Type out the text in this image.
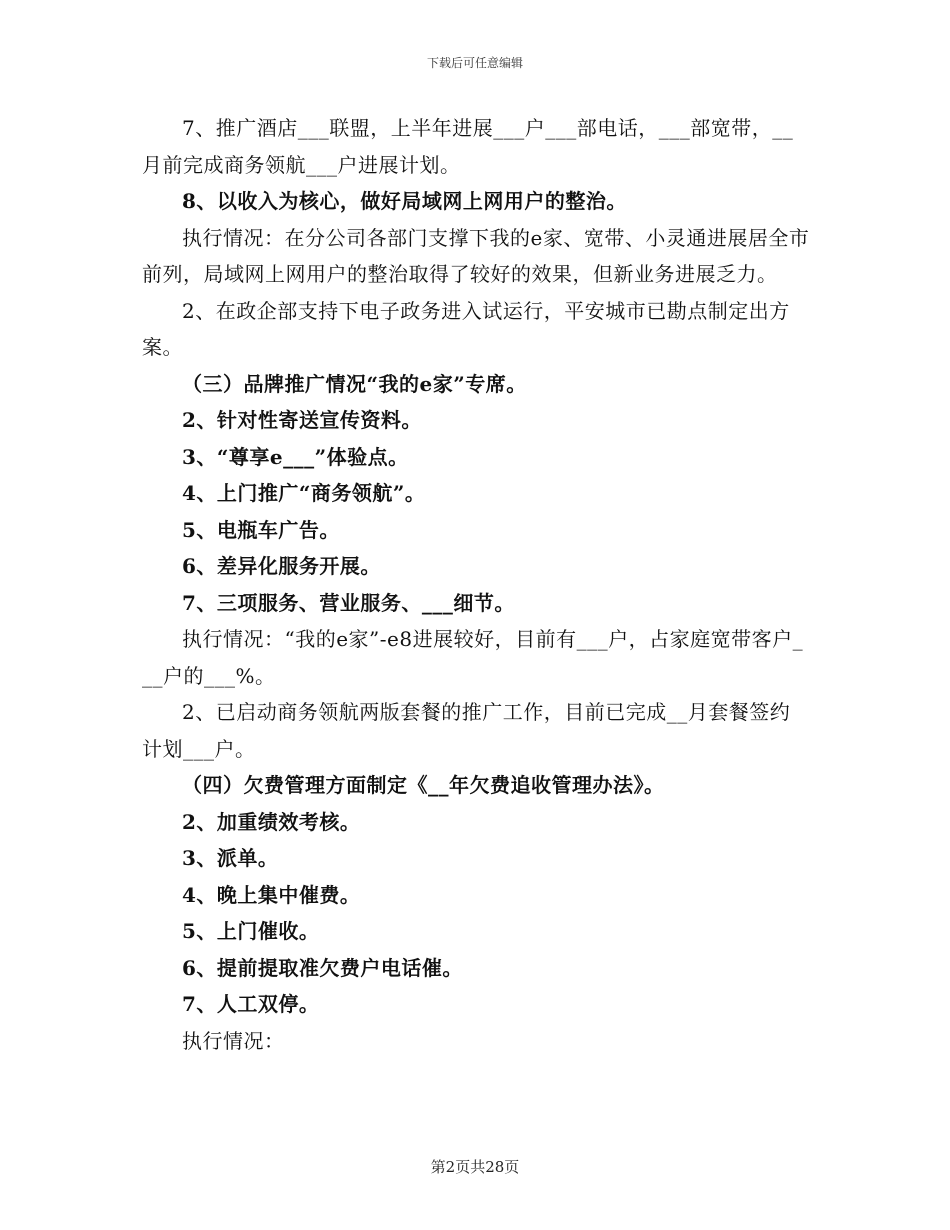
下载后可任意编辑

7、推广酒店___联盟，上半年进展___户___部电话，___部宽带，__月前完成商务领航___户进展计划。

8、以收入为核心，做好局域网上网用户的整治。

执行情况：在分公司各部门支撑下我的e家、宽带、小灵通进展居全市前列，局域网上网用户的整治取得了较好的效果，但新业务进展乏力。

2、在政企部支持下电子政务进入试运行，平安城市已勘点制定出方案。

（三）品牌推广情况“我的e家”专席。

2、针对性寄送宣传资料。

3、“尊享e___”体验点。

4、上门推广“商务领航”。

5、电瓶车广告。

6、差异化服务开展。

7、三项服务、营业服务、___细节。

执行情况：“我的e家”-e8进展较好，目前有___户，占家庭宽带客户___户的___%。

2、已启动商务领航两版套餐的推广工作，目前已完成__月套餐签约计划___户。

（四）欠费管理方面制定《__年欠费追收管理办法》。

2、加重绩效考核。

3、派单。

4、晚上集中催费。

5、上门催收。

6、提前提取准欠费户电话催。

7、人工双停。

执行情况：

第2页共28页
